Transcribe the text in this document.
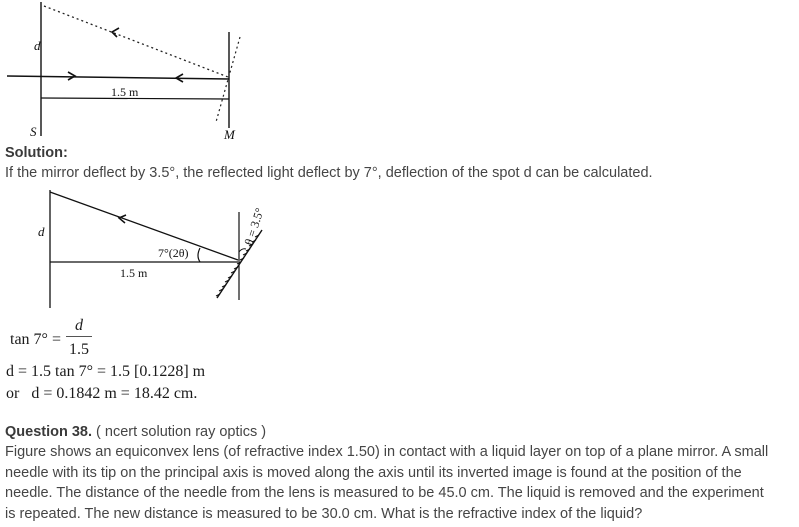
d
1.5 m
S	M
Solution:
If the mirror deflect by 3.5°, the reflected light deflect by 7°, deflection of the spot d can be calculated.
d
7°(2θ)
1.5 m
θ = 3.5°
tan 7° =
d
1.5
d = 1.5 tan 7° = 1.5 [0.1228] m
or   d = 0.1842 m = 18.42 cm.
Question 38. ( ncert solution ray optics )
Figure shows an equiconvex lens (of refractive index 1.50) in contact with a liquid layer on top of a plane mirror. A small
needle with its tip on the principal axis is moved along the axis until its inverted image is found at the position of the
needle. The distance of the needle from the lens is measured to be 45.0 cm. The liquid is removed and the experiment
is repeated. The new distance is measured to be 30.0 cm. What is the refractive index of the liquid?
